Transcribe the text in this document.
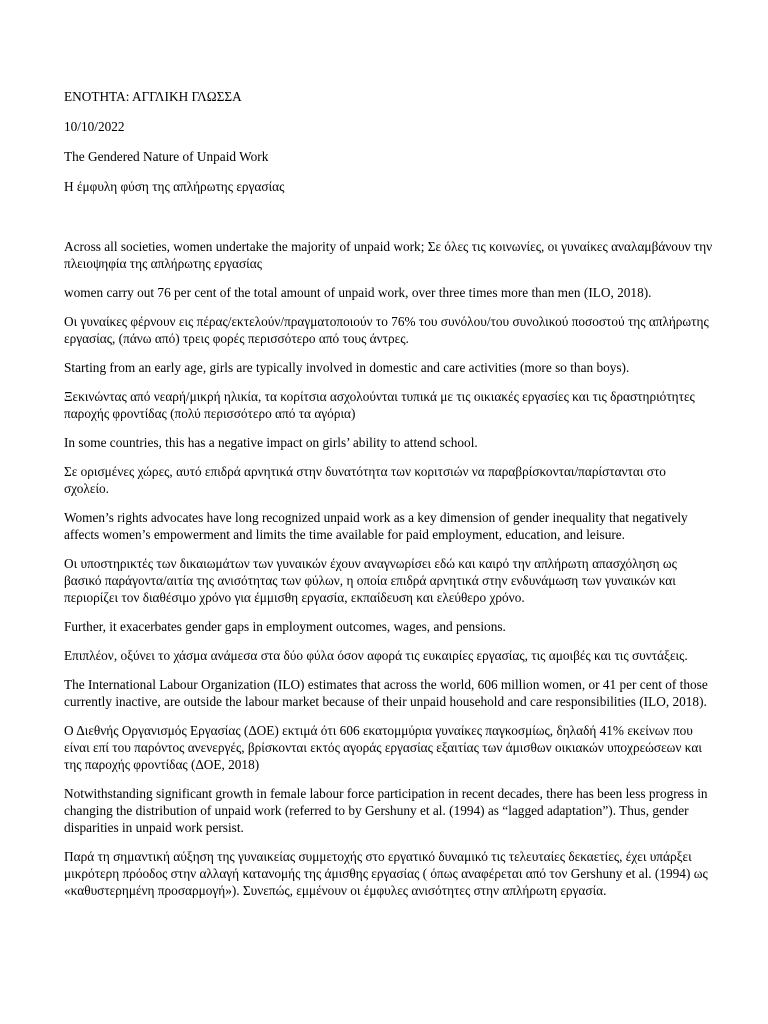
ΕΝΟΤΗΤΑ: ΑΓΓΛΙΚΗ ΓΛΩΣΣΑ
10/10/2022
The Gendered Nature of Unpaid Work
Η έμφυλη φύση της απλήρωτης εργασίας

Across all societies, women undertake the majority of unpaid work; Σε όλες τις κοινωνίες, οι γυναίκες αναλαμβάνουν την πλειοψηφία της απλήρωτης εργασίας

women carry out 76 per cent of the total amount of unpaid work, over three times more than men (ILO, 2018).

Οι γυναίκες φέρνουν εις πέρας/εκτελούν/πραγματοποιούν το 76% του συνόλου/του συνολικού ποσοστού της απλήρωτης εργασίας, (πάνω από) τρεις φορές περισσότερο από τους άντρες.

Starting from an early age, girls are typically involved in domestic and care activities (more so than boys).

Ξεκινώντας από νεαρή/μικρή ηλικία, τα κορίτσια ασχολούνται τυπικά με τις οικιακές εργασίες και τις δραστηριότητες παροχής φροντίδας (πολύ περισσότερο από τα αγόρια)

In some countries, this has a negative impact on girls’ ability to attend school.

Σε ορισμένες χώρες, αυτό επιδρά αρνητικά στην δυνατότητα των κοριτσιών να παραβρίσκονται/παρίστανται στο σχολείο.

Women’s rights advocates have long recognized unpaid work as a key dimension of gender inequality that negatively affects women’s empowerment and limits the time available for paid employment, education, and leisure.

Οι υποστηρικτές των δικαιωμάτων των γυναικών έχουν αναγνωρίσει εδώ και καιρό την απλήρωτη απασχόληση ως βασικό παράγοντα/αιτία της ανισότητας των φύλων, η οποία επιδρά αρνητικά στην ενδυνάμωση των γυναικών και περιορίζει τον διαθέσιμο χρόνο για έμμισθη εργασία, εκπαίδευση και ελεύθερο χρόνο.

Further, it exacerbates gender gaps in employment outcomes, wages, and pensions.

Επιπλέον, οξύνει το χάσμα ανάμεσα στα δύο φύλα όσον αφορά τις ευκαιρίες εργασίας, τις αμοιβές και τις συντάξεις.

The International Labour Organization (ILO) estimates that across the world, 606 million women, or 41 per cent of those currently inactive, are outside the labour market because of their unpaid household and care responsibilities (ILO, 2018).

Ο Διεθνής Οργανισμός Εργασίας (ΔΟΕ) εκτιμά ότι 606 εκατομμύρια γυναίκες παγκοσμίως, δηλαδή 41% εκείνων που είναι επί του παρόντος ανενεργές, βρίσκονται εκτός αγοράς εργασίας εξαιτίας των άμισθων οικιακών υποχρεώσεων και της παροχής φροντίδας (ΔΟΕ, 2018)

Notwithstanding significant growth in female labour force participation in recent decades, there has been less progress in changing the distribution of unpaid work (referred to by Gershuny et al. (1994) as “lagged adaptation”). Thus, gender disparities in unpaid work persist.

Παρά τη σημαντική αύξηση της γυναικείας συμμετοχής στο εργατικό δυναμικό τις τελευταίες δεκαετίες, έχει υπάρξει μικρότερη πρόοδος στην αλλαγή κατανομής της άμισθης εργασίας ( όπως αναφέρεται από τον Gershuny et al. (1994) ως «καθυστερημένη προσαρμογή»). Συνεπώς, εμμένουν οι έμφυλες ανισότητες στην απλήρωτη εργασία.
